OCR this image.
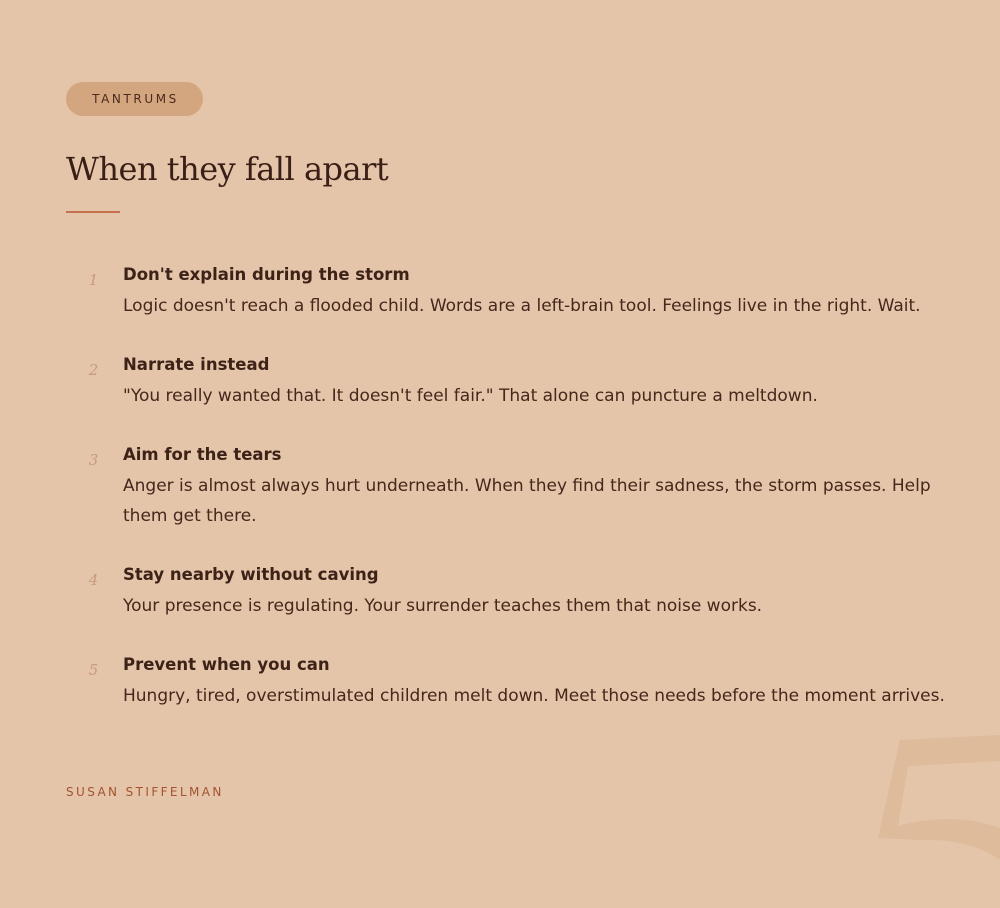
TANTRUMS
When they fall apart
1	Don't explain during the storm
Logic doesn't reach a flooded child. Words are a left-brain tool. Feelings live in the right. Wait.
2	Narrate instead
"You really wanted that. It doesn't feel fair." That alone can puncture a meltdown.
3	Aim for the tears
Anger is almost always hurt underneath. When they find their sadness, the storm passes. Help them get there.
4	Stay nearby without caving
Your presence is regulating. Your surrender teaches them that noise works.
5	Prevent when you can
Hungry, tired, overstimulated children melt down. Meet those needs before the moment arrives.
SUSAN STIFFELMAN
